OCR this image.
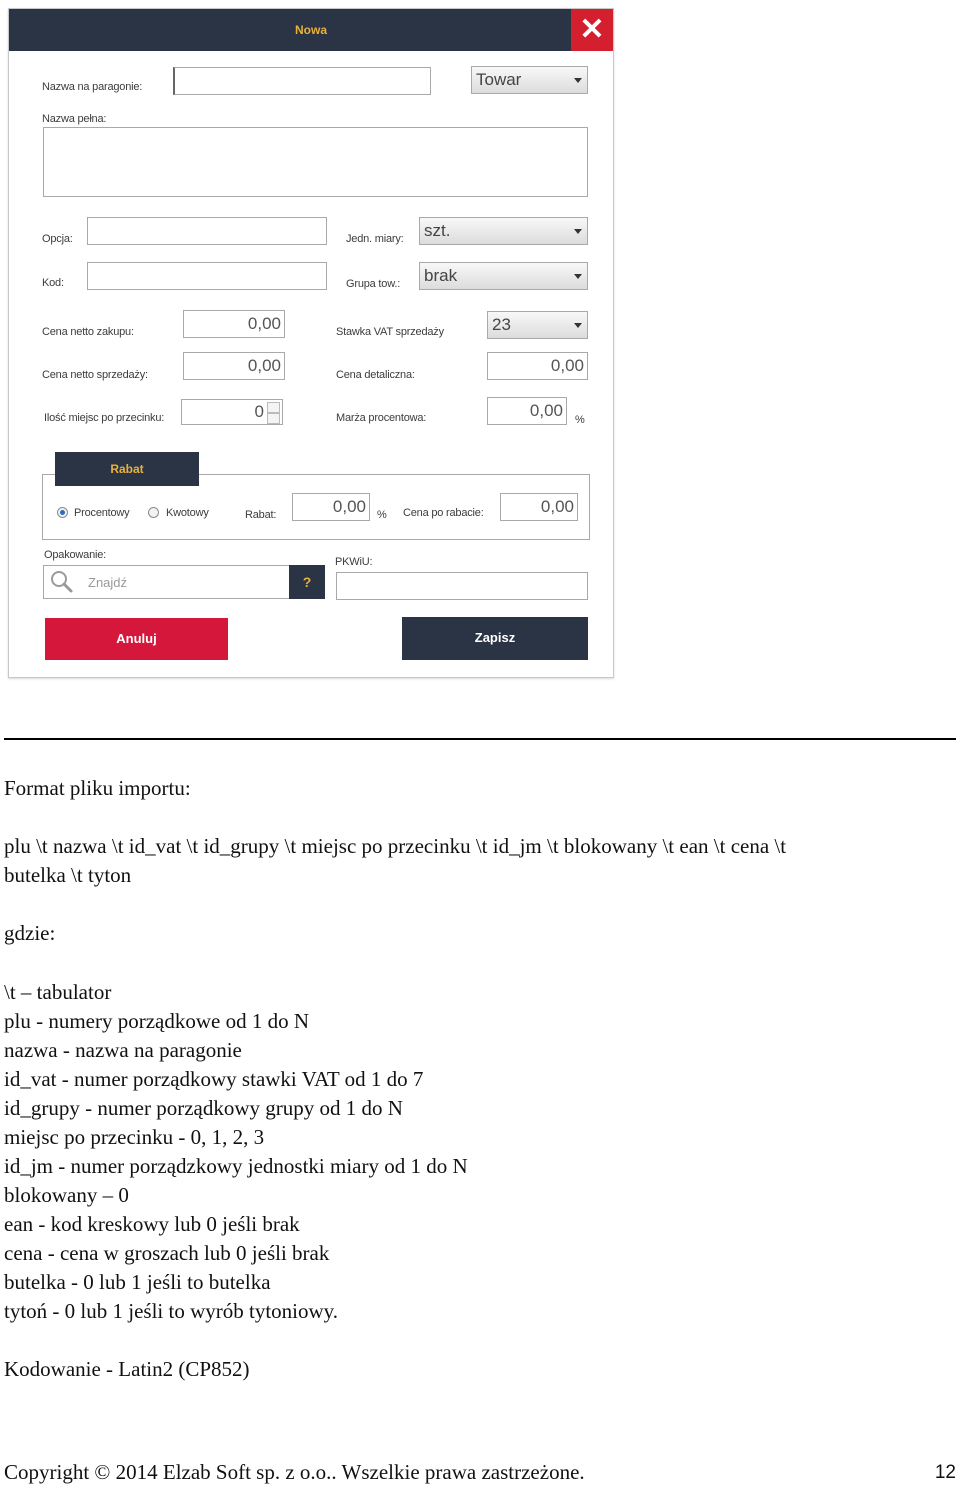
Nowa	✕
Nazwa na paragonie:	Towar
Nazwa pełna:
Opcja:	Jedn. miary: szt.
Kod:	Grupa tow.: brak
Cena netto zakupu:	0,00	Stawka VAT sprzedaży	23
Cena netto sprzedaży:	0,00	Cena detaliczna:	0,00
Ilość miejsc po przecinku:	0	Marża procentowa:	0,00	%
Rabat
Procentowy	Kwotowy	Rabat:	0,00	% Cena po rabacie:	0,00
Opakowanie:
Znajdź	?
PKWiU:
Anuluj	Zapisz
Format pliku importu:
plu \t nazwa \t id_vat \t id_grupy \t miejsc po przecinku \t id_jm \t blokowany \t ean \t cena \t
butelka \t tyton
gdzie:
\t – tabulator
plu - numery porządkowe od 1 do N
nazwa - nazwa na paragonie
id_vat - numer porządkowy stawki VAT od 1 do 7
id_grupy - numer porządkowy grupy od 1 do N
miejsc po przecinku - 0, 1, 2, 3
id_jm - numer porządzkowy jednostki miary od 1 do N
blokowany – 0
ean - kod kreskowy lub 0 jeśli brak
cena - cena w groszach lub 0 jeśli brak
butelka - 0 lub 1 jeśli to butelka
tytoń - 0 lub 1 jeśli to wyrób tytoniowy.
Kodowanie - Latin2 (CP852)
Copyright © 2014 Elzab Soft sp. z o.o.. Wszelkie prawa zastrzeżone.	12
